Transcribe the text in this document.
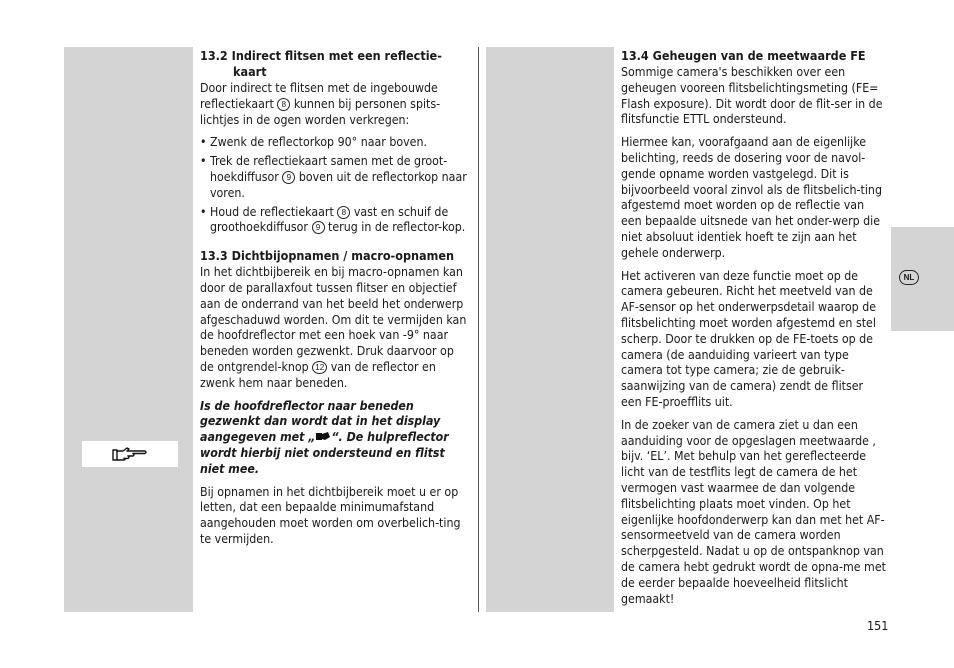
NL
13.2 Indirect flitsen met een reflectie-
kaart

Door indirect te flitsen met de ingebouwde reflectiekaart 8 kunnen bij personen spits-lichtjes in de ogen worden verkregen:

• Zwenk de reflectorkop 90° naar boven.
• Trek de reflectiekaart samen met de groot-hoekdiffusor 9 boven uit de reflectorkop naar voren.
• Houd de reflectiekaart 8 vast en schuif de groothoekdiffusor 9 terug in de reflector-kop.
13.3 Dichtbijopnamen / macro-opnamen

In het dichtbijbereik en bij macro-opnamen kan door de parallaxfout tussen flitser en objectief aan de onderrand van het beeld het onderwerp afgeschaduwd worden. Om dit te vermijden kan de hoofdreflector met een hoek van -9° naar beneden worden gezwenkt. Druk daarvoor op de ontgrendel-knop 12 van de reflector en zwenk hem naar beneden.

Is de hoofdreflector naar beneden gezwenkt dan wordt dat in het display aangegeven met „ “. De hulpreflector wordt hierbij niet ondersteund en flitst niet mee.

Bij opnamen in het dichtbijbereik moet u er op letten, dat een bepaalde minimumafstand aangehouden moet worden om overbelich-ting te vermijden.

13.4 Geheugen van de meetwaarde FE

Sommige camera's beschikken over een geheugen vooreen flitsbelichtingsmeting (FE= Flash exposure). Dit wordt door de flit-ser in de flitsfunctie ETTL ondersteund.

Hiermee kan, voorafgaand aan de eigenlijke belichting, reeds de dosering voor de navol-gende opname worden vastgelegd. Dit is bijvoorbeeld vooral zinvol als de flitsbelich-ting afgestemd moet worden op de reflectie van een bepaalde uitsnede van het onder-werp die niet absoluut identiek hoeft te zijn aan het gehele onderwerp.

Het activeren van deze functie moet op de camera gebeuren. Richt het meetveld van de AF-sensor op het onderwerpsdetail waarop de flitsbelichting moet worden afgestemd en stel scherp. Door te drukken op de FE-toets op de camera (de aanduiding varieert van type camera tot type camera; zie de gebruik-saanwijzing van de camera) zendt de flitser een FE-proefflits uit.

In de zoeker van de camera ziet u dan een aanduiding voor de opgeslagen meetwaarde , bijv. ‘EL’. Met behulp van het gereflecteerde licht van de testflits legt de camera de het vermogen vast waarmee de dan volgende flitsbelichting plaats moet vinden. Op het eigenlijke hoofdonderwerp kan dan met het AF-sensormeetveld van de camera worden scherpgesteld. Nadat u op de ontspanknop van de camera hebt gedrukt wordt de opna-me met de eerder bepaalde hoeveelheid flitslicht gemaakt!

151
